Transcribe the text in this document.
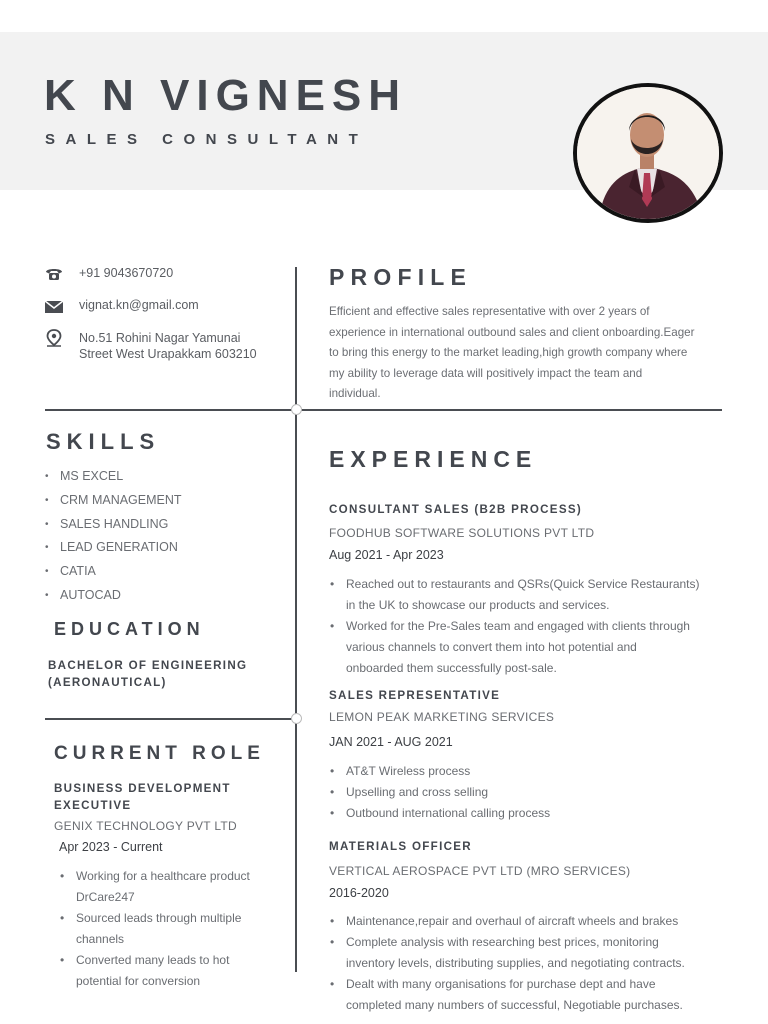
K N VIGNESH
SALES CONSULTANT
+91 9043670720
vignat.kn@gmail.com
No.51 Rohini Nagar Yamunai
Street West Urapakkam 603210
PROFILE
Efficient and effective sales representative with over 2 years of
experience in international outbound sales and client onboarding.Eager
to bring this energy to the market leading,high growth company where
my ability to leverage data will positively impact the team and
individual.
SKILLS
• MS EXCEL
• CRM MANAGEMENT
• SALES HANDLING
• LEAD GENERATION
• CATIA
• AUTOCAD
EDUCATION
BACHELOR OF ENGINEERING
(AERONAUTICAL)
CURRENT ROLE
BUSINESS DEVELOPMENT
EXECUTIVE
GENIX TECHNOLOGY PVT LTD
Apr 2023 - Current
• Working for a healthcare product
DrCare247
• Sourced leads through multiple
channels
• Converted many leads to hot
potential for conversion
EXPERIENCE
CONSULTANT SALES (B2B PROCESS)
FOODHUB SOFTWARE SOLUTIONS PVT LTD
Aug 2021 - Apr 2023
• Reached out to restaurants and QSRs(Quick Service Restaurants)
in the UK to showcase our products and services.
• Worked for the Pre-Sales team and engaged with clients through
various channels to convert them into hot potential and
onboarded them successfully post-sale.
SALES REPRESENTATIVE
LEMON PEAK MARKETING SERVICES
JAN 2021 - AUG 2021
• AT&T Wireless process
• Upselling and cross selling
• Outbound international calling process
MATERIALS OFFICER
VERTICAL AEROSPACE PVT LTD (MRO SERVICES)
2016-2020
• Maintenance,repair and overhaul of aircraft wheels and brakes
• Complete analysis with researching best prices, monitoring
inventory levels, distributing supplies, and negotiating contracts.
• Dealt with many organisations for purchase dept and have
completed many numbers of successful, Negotiable purchases.
